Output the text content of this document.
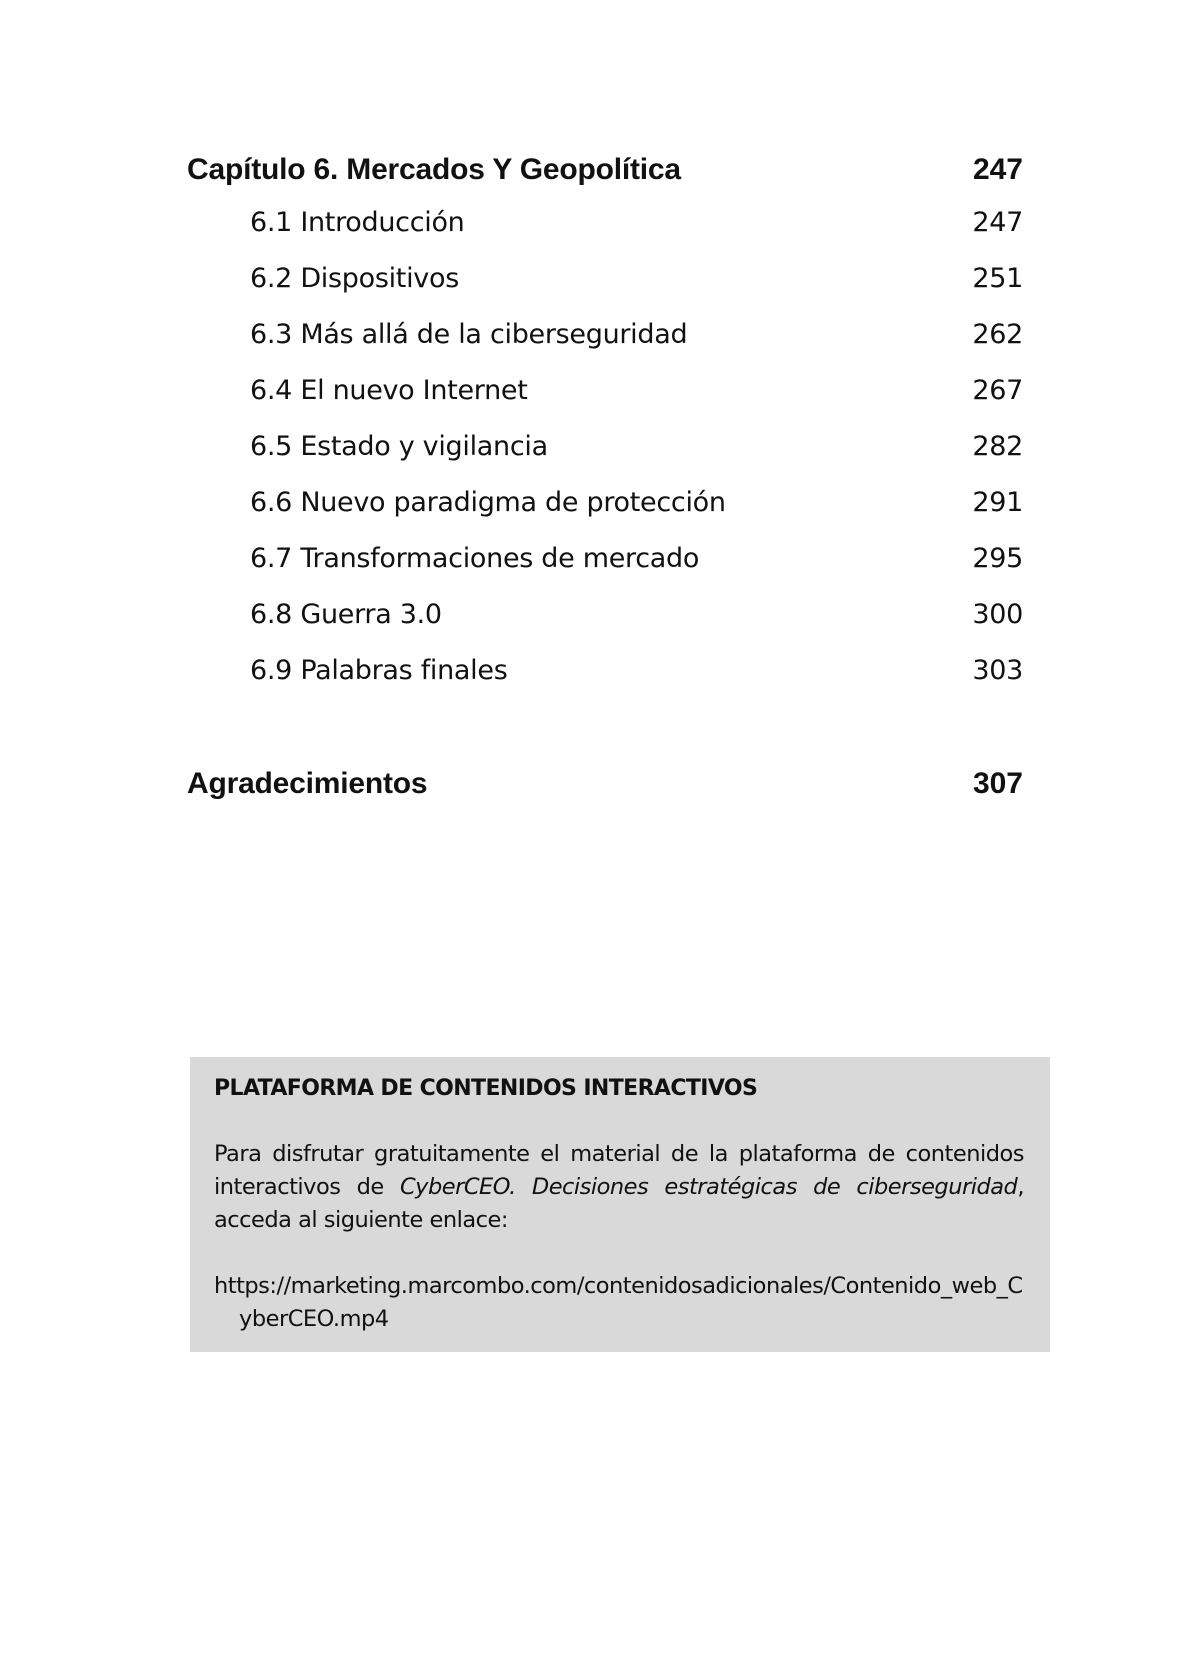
Capítulo 6. Mercados Y Geopolítica	247
6.1 Introducción	247
6.2 Dispositivos	251
6.3 Más allá de la ciberseguridad	262
6.4 El nuevo Internet	267
6.5 Estado y vigilancia	282
6.6 Nuevo paradigma de protección	291
6.7 Transformaciones de mercado	295
6.8 Guerra 3.0	300
6.9 Palabras finales	303
Agradecimientos	307
PLATAFORMA DE CONTENIDOS INTERACTIVOS
Para disfrutar gratuitamente el material de la plataforma de contenidos interactivos de CyberCEO. Decisiones estratégicas de ciberseguridad, acceda al siguiente enlace:
https://marketing.marcombo.com/contenidosadicionales/Contenido_web_CyberCEO.mp4
